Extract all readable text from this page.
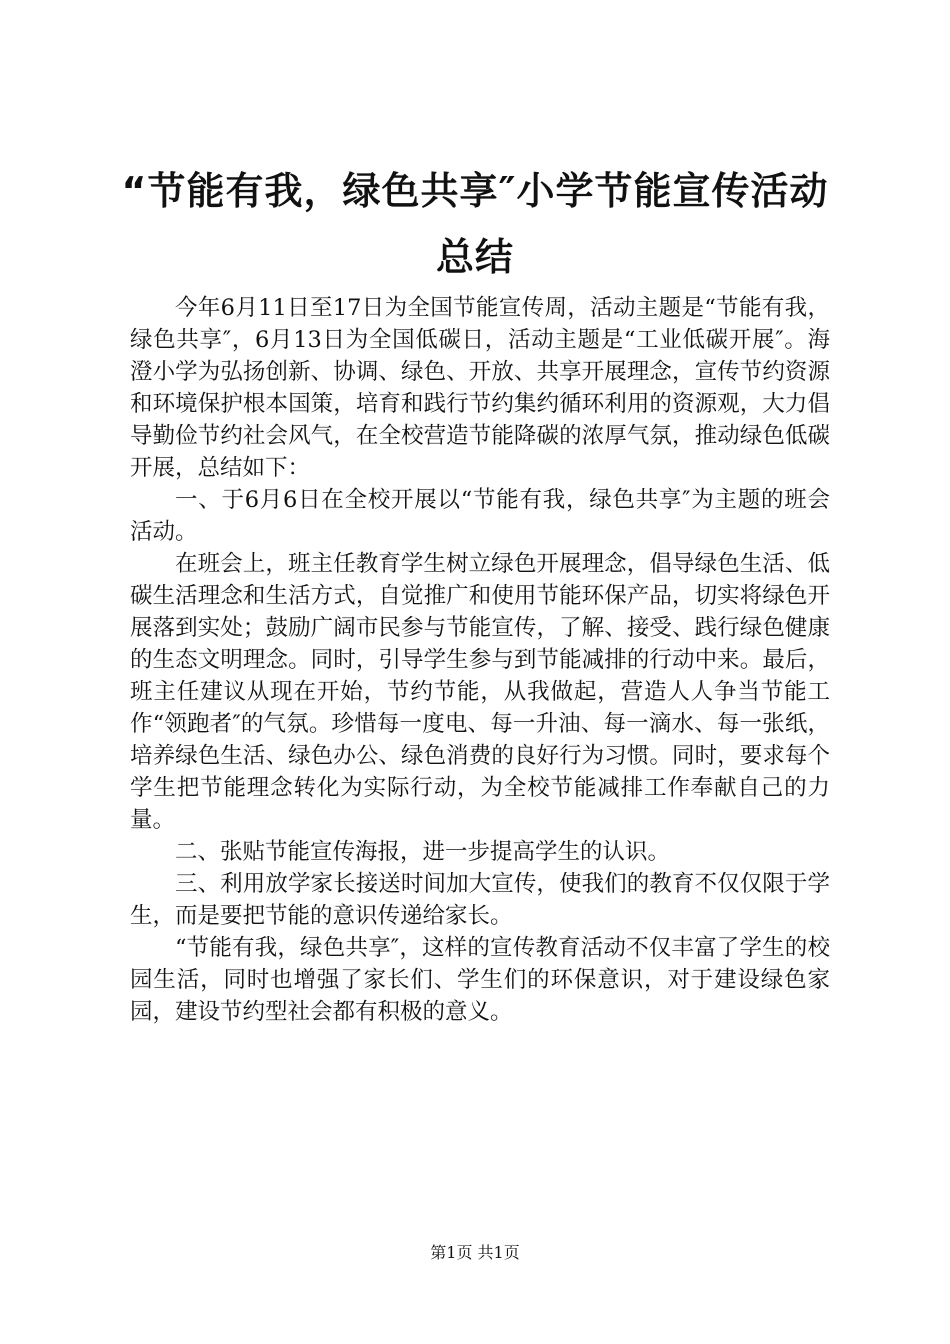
“节能有我，绿色共享″小学节能宣传活动总结

今年6月11日至17日为全国节能宣传周，活动主题是“节能有我，绿色共享″，6月13日为全国低碳日，活动主题是“工业低碳开展″。海澄小学为弘扬创新、协调、绿色、开放、共享开展理念，宣传节约资源和环境保护根本国策，培育和践行节约集约循环利用的资源观，大力倡导勤俭节约社会风气，在全校营造节能降碳的浓厚气氛，推动绿色低碳开展，总结如下：

一、于6月6日在全校开展以“节能有我，绿色共享″为主题的班会活动。

在班会上，班主任教育学生树立绿色开展理念，倡导绿色生活、低碳生活理念和生活方式，自觉推广和使用节能环保产品，切实将绿色开展落到实处；鼓励广阔市民参与节能宣传，了解、接受、践行绿色健康的生态文明理念。同时，引导学生参与到节能减排的行动中来。最后，班主任建议从现在开始，节约节能，从我做起，营造人人争当节能工作“领跑者″的气氛。珍惜每一度电、每一升油、每一滴水、每一张纸，培养绿色生活、绿色办公、绿色消费的良好行为习惯。同时，要求每个学生把节能理念转化为实际行动，为全校节能减排工作奉献自己的力量。

二、张贴节能宣传海报，进一步提高学生的认识。

三、利用放学家长接送时间加大宣传，使我们的教育不仅仅限于学生，而是要把节能的意识传递给家长。

“节能有我，绿色共享″，这样的宣传教育活动不仅丰富了学生的校园生活，同时也增强了家长们、学生们的环保意识，对于建设绿色家园，建设节约型社会都有积极的意义。

第1页 共1页
